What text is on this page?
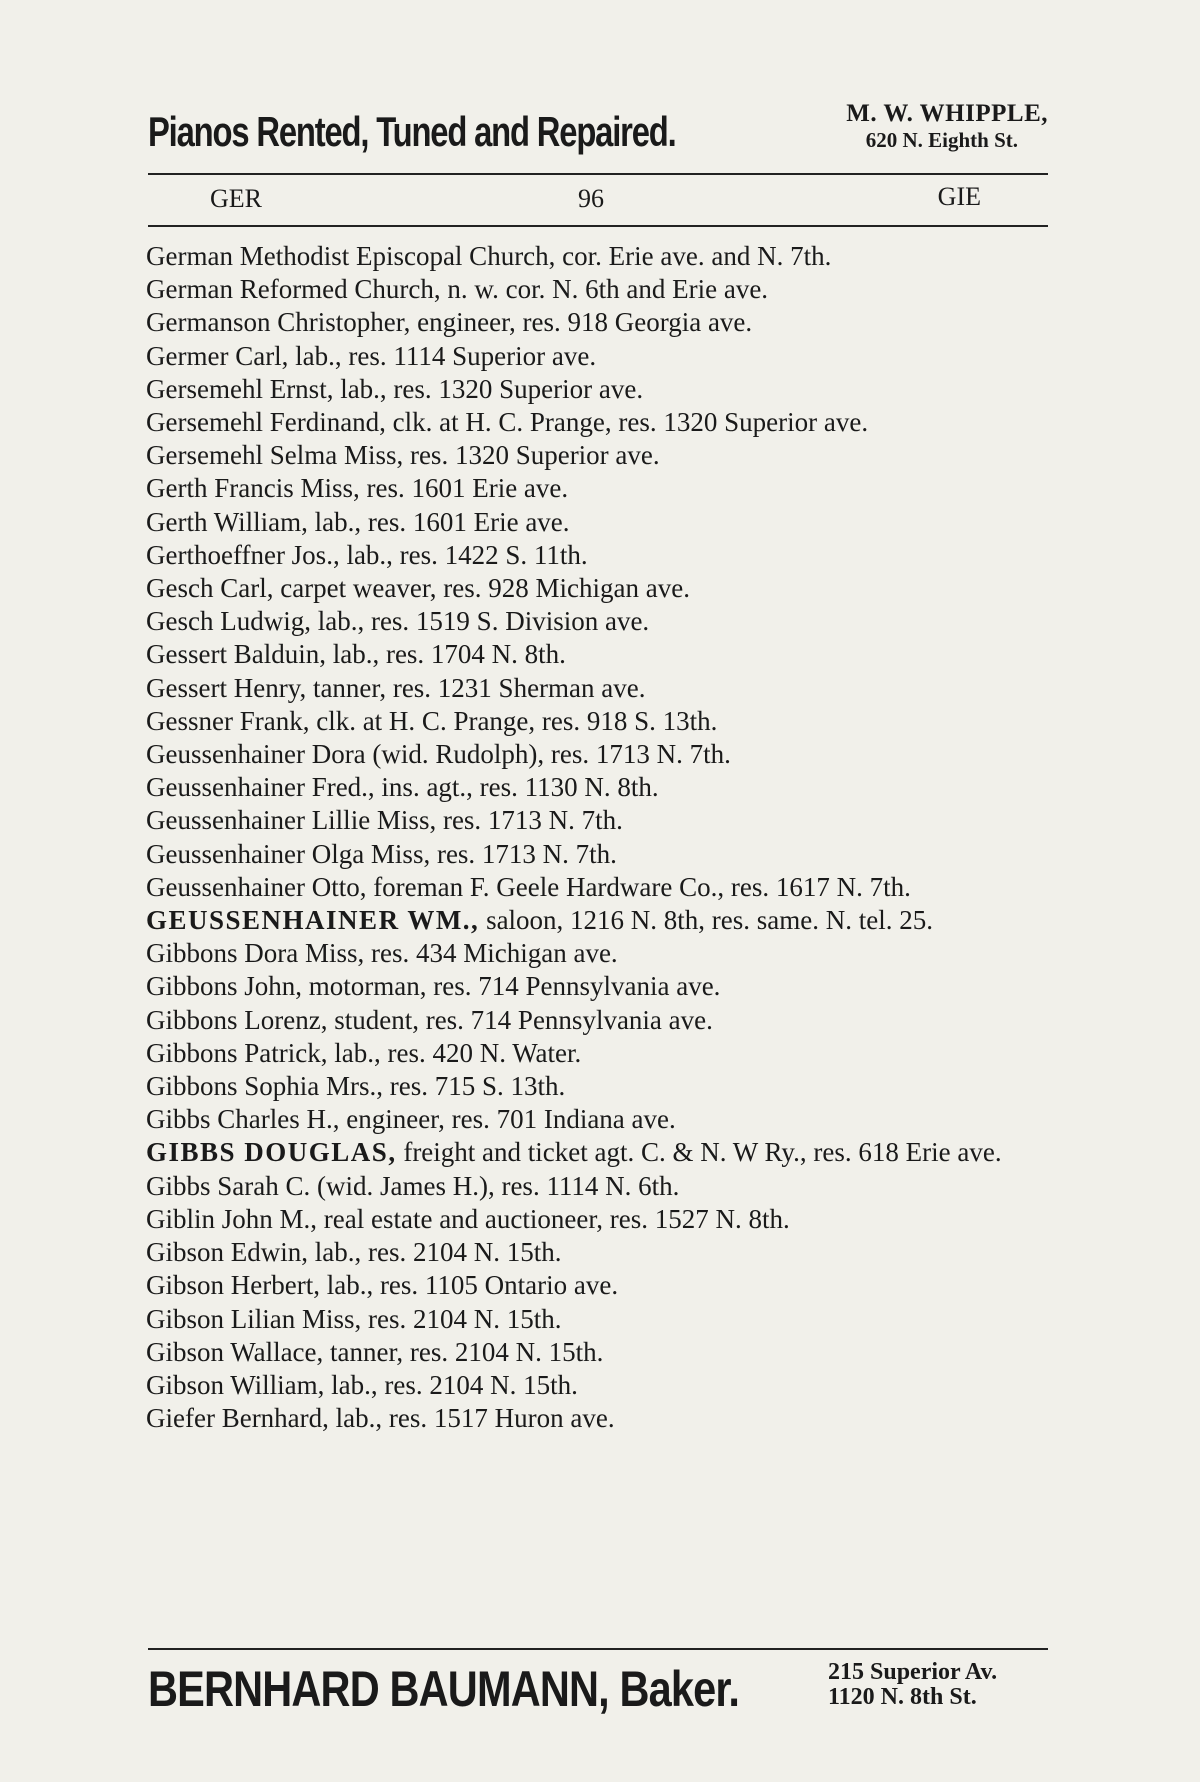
Pianos Rented, Tuned and Repaired.	M. W. WHIPPLE,
620 N. Eighth St.
GER	96	GIE
German Methodist Episcopal Church, cor. Erie ave. and N. 7th.
German Reformed Church, n. w. cor. N. 6th and Erie ave.
Germanson Christopher, engineer, res. 918 Georgia ave.
Germer Carl, lab., res. 1114 Superior ave.
Gersemehl Ernst, lab., res. 1320 Superior ave.
Gersemehl Ferdinand, clk. at H. C. Prange, res. 1320 Superior ave.
Gersemehl Selma Miss, res. 1320 Superior ave.
Gerth Francis Miss, res. 1601 Erie ave.
Gerth William, lab., res. 1601 Erie ave.
Gerthoeffner Jos., lab., res. 1422 S. 11th.
Gesch Carl, carpet weaver, res. 928 Michigan ave.
Gesch Ludwig, lab., res. 1519 S. Division ave.
Gessert Balduin, lab., res. 1704 N. 8th.
Gessert Henry, tanner, res. 1231 Sherman ave.
Gessner Frank, clk. at H. C. Prange, res. 918 S. 13th.
Geussenhainer Dora (wid. Rudolph), res. 1713 N. 7th.
Geussenhainer Fred., ins. agt., res. 1130 N. 8th.
Geussenhainer Lillie Miss, res. 1713 N. 7th.
Geussenhainer Olga Miss, res. 1713 N. 7th.
Geussenhainer Otto, foreman F. Geele Hardware Co., res. 1617 N. 7th.
GEUSSENHAINER WM., saloon, 1216 N. 8th, res. same. N. tel. 25.
Gibbons Dora Miss, res. 434 Michigan ave.
Gibbons John, motorman, res. 714 Pennsylvania ave.
Gibbons Lorenz, student, res. 714 Pennsylvania ave.
Gibbons Patrick, lab., res. 420 N. Water.
Gibbons Sophia Mrs., res. 715 S. 13th.
Gibbs Charles H., engineer, res. 701 Indiana ave.
GIBBS DOUGLAS, freight and ticket agt. C. & N. W Ry., res. 618 Erie ave.
Gibbs Sarah C. (wid. James H.), res. 1114 N. 6th.
Giblin John M., real estate and auctioneer, res. 1527 N. 8th.
Gibson Edwin, lab., res. 2104 N. 15th.
Gibson Herbert, lab., res. 1105 Ontario ave.
Gibson Lilian Miss, res. 2104 N. 15th.
Gibson Wallace, tanner, res. 2104 N. 15th.
Gibson William, lab., res. 2104 N. 15th.
Giefer Bernhard, lab., res. 1517 Huron ave.
BERNHARD BAUMANN, Baker.	215 Superior Av.
1120 N. 8th St.
